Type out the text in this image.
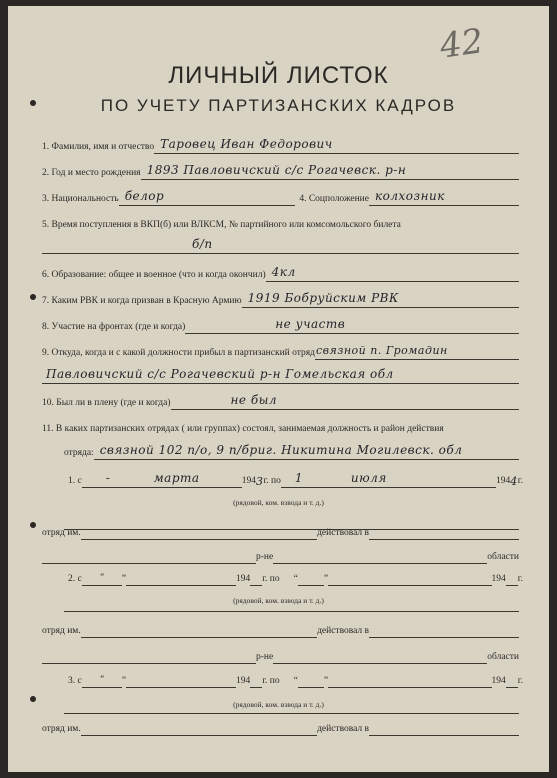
42
ЛИЧНЫЙ ЛИСТОК
ПО УЧЕТУ ПАРТИЗАНСКИХ КАДРОВ
1. Фамилия, имя и отчество Таровец Иван Федорович
2. Год и место рождения 1893 Павловичский с/с Рогачевск. р-н
3. Национальность белор	4. Соцположение колхозник
5. Время поступления в ВКП(б) или ВЛКСМ, № партийного или комсомольского билета
б/п
6. Образование: общее и военное (что и когда окончил) 4кл
7. Каким РВК и когда призван в Красную Армию 1919 Бобруйским РВК
8. Участие на фронтах (где и когда)	не участв
9. Откуда, когда и с какой должности прибыл в партизанский отряд связной п. Громадин
Павловичский с/с Рогачевский р-н Гомельская обл
10. Был ли в плену (где и когда)	не был
11. В каких партизанских отрядах ( или группах) состоял, занимаемая должность и район действия
отряда: связной 102 п/о, 9 п/бриг. Никитина Могилевск. обл
1. с -	марта	194 3 г. по 1	июля	194 4 г.
(рядовой, ком. взвода и т. д.)
отряд им.	действовал в
р-не	области
2. с “ ”	194 г. по “	”	194 г.
(рядовой, ком. взвода и т. д.)
отряд им.	действовал в
р-не	области
3. с “ ”	194 г. по “	”	194 г.
(рядовой, ком. взвода и т. д.)
отряд им.	действовал в
